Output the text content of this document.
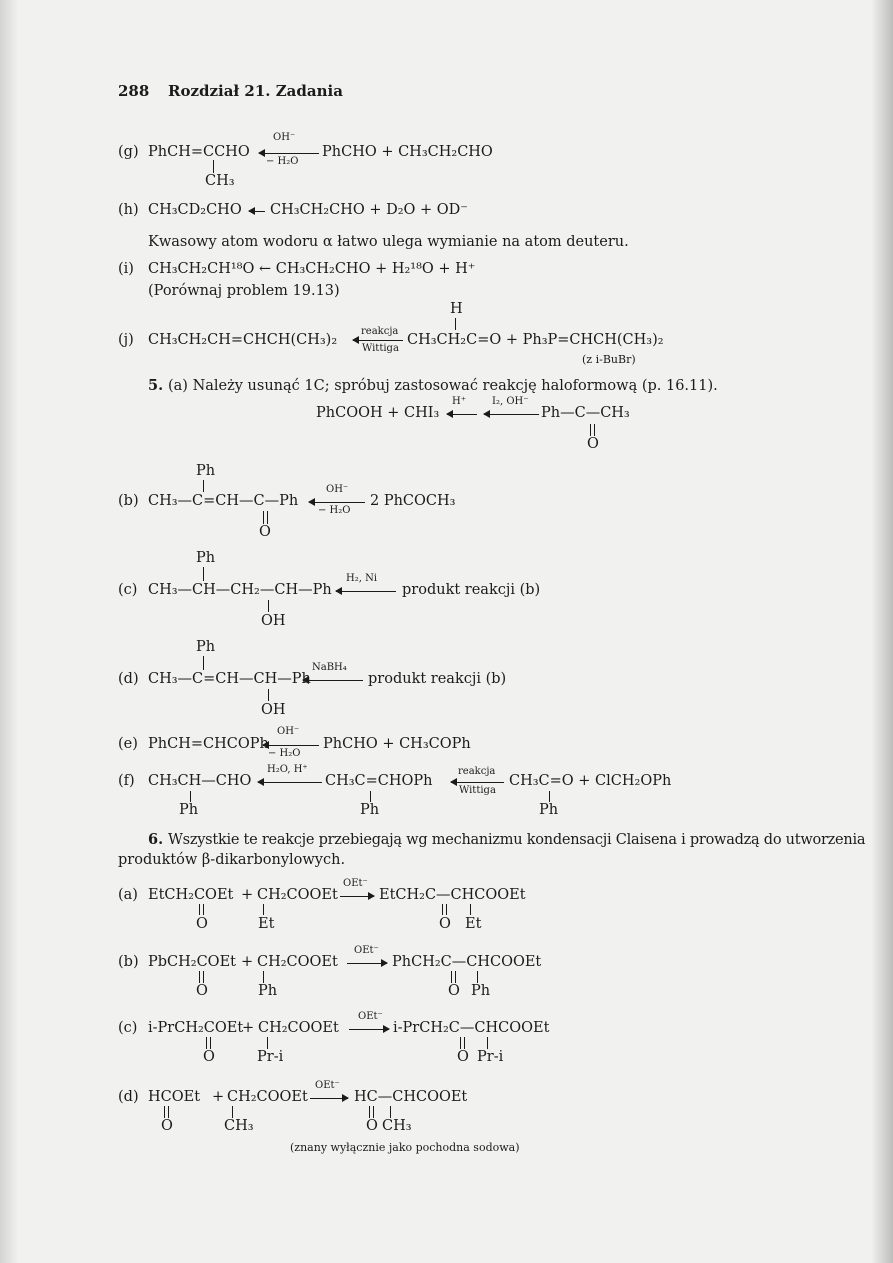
288 Rozdział 21. Zadania
(g) PhCH=CCHO
OH⁻
− H₂O
PhCHO + CH₃CH₂CHO
CH₃
(h) CH₃CD₂CHO CH₃CH₂CHO + D₂O + OD⁻
Kwasowy atom wodoru α łatwo ulega wymianie na atom deuteru.
(i) CH₃CH₂CH¹⁸O ← CH₃CH₂CHO + H₂¹⁸O + H⁺
(Porównaj problem 19.13)
H
(j) CH₃CH₂CH=CHCH(CH₃)₂
reakcja
Wittiga
CH₃CH₂C=O + Ph₃P=CHCH(CH₃)₂
(z i-BuBr)
5. (a) Należy usunąć 1C; spróbuj zastosować reakcję haloformową (p. 16.11).
PhCOOH + CHI₃
H⁺	I₂, OH⁻
Ph—C—CH₃
O
Ph
(b) CH₃—C=CH—C—Ph
OH⁻
− H₂O
2 PhCOCH₃
O
Ph
(c) CH₃—CH—CH₂—CH—Ph
H₂, Ni
produkt reakcji (b)
OH
Ph
(d) CH₃—C=CH—CH—Ph
NaBH₄
produkt reakcji (b)
OH
(e) PhCH=CHCOPh
OH⁻
− H₂O
PhCHO + CH₃COPh
(f) CH₃CH—CHO
H₂O, H⁺
CH₃C=CHOPh
reakcja
Wittiga
CH₃C=O + ClCH₂OPh
Ph	Ph	Ph
6. Wszystkie te reakcje przebiegają wg mechanizmu kondensacji Claisena i prowadzą do utworzenia
produktów β-dikarbonylowych.
(a) EtCH₂COEt + CH₂COOEt
OEt⁻
EtCH₂C—CHCOOEt
O	Et	O Et
(b) PbCH₂COEt + CH₂COOEt
OEt⁻
PhCH₂C—CHCOOEt
O	Ph	O Ph
(c) i-PrCH₂COEt
+ CH₂COOEt
OEt⁻
i-PrCH₂C—CHCOOEt
O	Pr-i	O Pr-i
(d) HCOEt + CH₂COOEt
OEt⁻
HC—CHCOOEt
O	CH₃	O CH₃
(znany wyłącznie jako pochodna sodowa)
